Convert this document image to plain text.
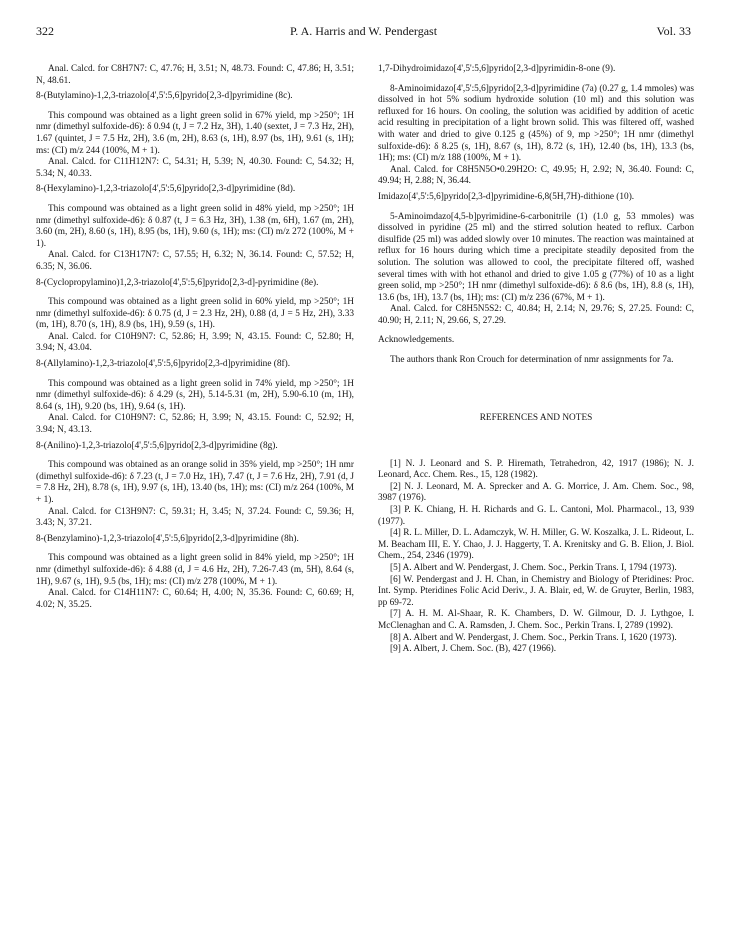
322	P. A. Harris and W. Pendergast	Vol. 33

Anal. Calcd. for C8H7N7: C, 47.76; H, 3.51; N, 48.73. Found: C, 47.86; H, 3.51; N, 48.61.

8-(Butylamino)-1,2,3-triazolo[4',5':5,6]pyrido[2,3-d]pyrimidine (8c).

This compound was obtained as a light green solid in 67% yield, mp >250°; 1H nmr (dimethyl sulfoxide-d6): δ 0.94 (t, J = 7.2 Hz, 3H), 1.40 (sextet, J = 7.3 Hz, 2H), 1.67 (quintet, J = 7.5 Hz, 2H), 3.6 (m, 2H), 8.63 (s, 1H), 8.97 (bs, 1H), 9.61 (s, 1H); ms: (CI) m/z 244 (100%, M + 1).

Anal. Calcd. for C11H12N7: C, 54.31; H, 5.39; N, 40.30. Found: C, 54.32; H, 5.34; N, 40.33.

8-(Hexylamino)-1,2,3-triazolo[4',5':5,6]pyrido[2,3-d]pyrimidine (8d).

This compound was obtained as a light green solid in 48% yield, mp >250°; 1H nmr (dimethyl sulfoxide-d6): δ 0.87 (t, J = 6.3 Hz, 3H), 1.38 (m, 6H), 1.67 (m, 2H), 3.60 (m, 2H), 8.60 (s, 1H), 8.95 (bs, 1H), 9.60 (s, 1H); ms: (CI) m/z 272 (100%, M + 1).

Anal. Calcd. for C13H17N7: C, 57.55; H, 6.32; N, 36.14. Found: C, 57.52; H, 6.35; N, 36.06.

8-(Cyclopropylamino)1,2,3-triazolo[4',5':5,6]pyrido[2,3-d]-pyrimidine (8e).

This compound was obtained as a light green solid in 60% yield, mp >250°; 1H nmr (dimethyl sulfoxide-d6): δ 0.75 (d, J = 2.3 Hz, 2H), 0.88 (d, J = 5 Hz, 2H), 3.33 (m, 1H), 8.70 (s, 1H), 8.9 (bs, 1H), 9.59 (s, 1H).

Anal. Calcd. for C10H9N7: C, 52.86; H, 3.99; N, 43.15. Found: C, 52.80; H, 3.94; N, 43.04.

8-(Allylamino)-1,2,3-triazolo[4',5':5,6]pyrido[2,3-d]pyrimidine (8f).

This compound was obtained as a light green solid in 74% yield, mp >250°; 1H nmr (dimethyl sulfoxide-d6): δ 4.29 (s, 2H), 5.14-5.31 (m, 2H), 5.90-6.10 (m, 1H), 8.64 (s, 1H), 9.20 (bs, 1H), 9.64 (s, 1H).

Anal. Calcd. for C10H9N7: C, 52.86; H, 3.99; N, 43.15. Found: C, 52.92; H, 3.94; N, 43.13.

8-(Anilino)-1,2,3-triazolo[4',5':5,6]pyrido[2,3-d]pyrimidine (8g).

This compound was obtained as an orange solid in 35% yield, mp >250°; 1H nmr (dimethyl sulfoxide-d6): δ 7.23 (t, J = 7.0 Hz, 1H), 7.47 (t, J = 7.6 Hz, 2H), 7.91 (d, J = 7.8 Hz, 2H), 8.78 (s, 1H), 9.97 (s, 1H), 13.40 (bs, 1H); ms: (CI) m/z 264 (100%, M + 1).

Anal. Calcd. for C13H9N7: C, 59.31; H, 3.45; N, 37.24. Found: C, 59.36; H, 3.43; N, 37.21.

8-(Benzylamino)-1,2,3-triazolo[4',5':5,6]pyrido[2,3-d]pyrimidine (8h).

This compound was obtained as a light green solid in 84% yield, mp >250°; 1H nmr (dimethyl sulfoxide-d6): δ 4.88 (d, J = 4.6 Hz, 2H), 7.26-7.43 (m, 5H), 8.64 (s, 1H), 9.67 (s, 1H), 9.5 (bs, 1H); ms: (CI) m/z 278 (100%, M + 1).

Anal. Calcd. for C14H11N7: C, 60.64; H, 4.00; N, 35.36. Found: C, 60.69; H, 4.02; N, 35.25.

1,7-Dihydroimidazo[4',5':5,6]pyrido[2,3-d]pyrimidin-8-one (9).

8-Aminoimidazo[4',5':5,6]pyrido[2,3-d]pyrimidine (7a) (0.27 g, 1.4 mmoles) was dissolved in hot 5% sodium hydroxide solution (10 ml) and this solution was refluxed for 16 hours. On cooling, the solution was acidified by addition of acetic acid resulting in precipitation of a light brown solid. This was filtered off, washed with water and dried to give 0.125 g (45%) of 9, mp >250°; 1H nmr (dimethyl sulfoxide-d6): δ 8.25 (s, 1H), 8.67 (s, 1H), 8.72 (s, 1H), 12.40 (bs, 1H), 13.3 (bs, 1H); ms: (CI) m/z 188 (100%, M + 1).

Anal. Calcd. for C8H5N5O•0.29H2O: C, 49.95; H, 2.92; N, 36.40. Found: C, 49.94; H, 2.88; N, 36.44.

Imidazo[4',5':5,6]pyrido[2,3-d]pyrimidine-6,8(5H,7H)-dithione (10).

5-Aminoimdazo[4,5-b]pyrimidine-6-carbonitrile (1) (1.0 g, 53 mmoles) was dissolved in pyridine (25 ml) and the stirred solution heated to reflux. Carbon disulfide (25 ml) was added slowly over 10 minutes. The reaction was maintained at reflux for 16 hours during which time a precipitate steadily deposited from the solution. The solution was allowed to cool, the precipitate filtered off, washed several times with with hot ethanol and dried to give 1.05 g (77%) of 10 as a light green solid, mp >250°; 1H nmr (dimethyl sulfoxide-d6): δ 8.6 (bs, 1H), 8.8 (s, 1H), 13.6 (bs, 1H), 13.7 (bs, 1H); ms: (CI) m/z 236 (67%, M + 1).

Anal. Calcd. for C8H5N5S2: C, 40.84; H, 2.14; N, 29.76; S, 27.25. Found: C, 40.90; H, 2.11; N, 29.66, S, 27.29.

Acknowledgements.

The authors thank Ron Crouch for determination of nmr assignments for 7a.

REFERENCES AND NOTES

[1] N. J. Leonard and S. P. Hiremath, Tetrahedron, 42, 1917 (1986); N. J. Leonard, Acc. Chem. Res., 15, 128 (1982).

[2] N. J. Leonard, M. A. Sprecker and A. G. Morrice, J. Am. Chem. Soc., 98, 3987 (1976).

[3] P. K. Chiang, H. H. Richards and G. L. Cantoni, Mol. Pharmacol., 13, 939 (1977).

[4] R. L. Miller, D. L. Adamczyk, W. H. Miller, G. W. Koszalka, J. L. Rideout, L. M. Beacham III, E. Y. Chao, J. J. Haggerty, T. A. Krenitsky and G. B. Elion, J. Biol. Chem., 254, 2346 (1979).

[5] A. Albert and W. Pendergast, J. Chem. Soc., Perkin Trans. I, 1794 (1973).

[6] W. Pendergast and J. H. Chan, in Chemistry and Biology of Pteridines: Proc. Int. Symp. Pteridines Folic Acid Deriv., J. A. Blair, ed, W. de Gruyter, Berlin, 1983, pp 69-72.

[7] A. H. M. Al-Shaar, R. K. Chambers, D. W. Gilmour, D. J. Lythgoe, I. McClenaghan and C. A. Ramsden, J. Chem. Soc., Perkin Trans. I, 2789 (1992).

[8] A. Albert and W. Pendergast, J. Chem. Soc., Perkin Trans. I, 1620 (1973).

[9] A. Albert, J. Chem. Soc. (B), 427 (1966).
